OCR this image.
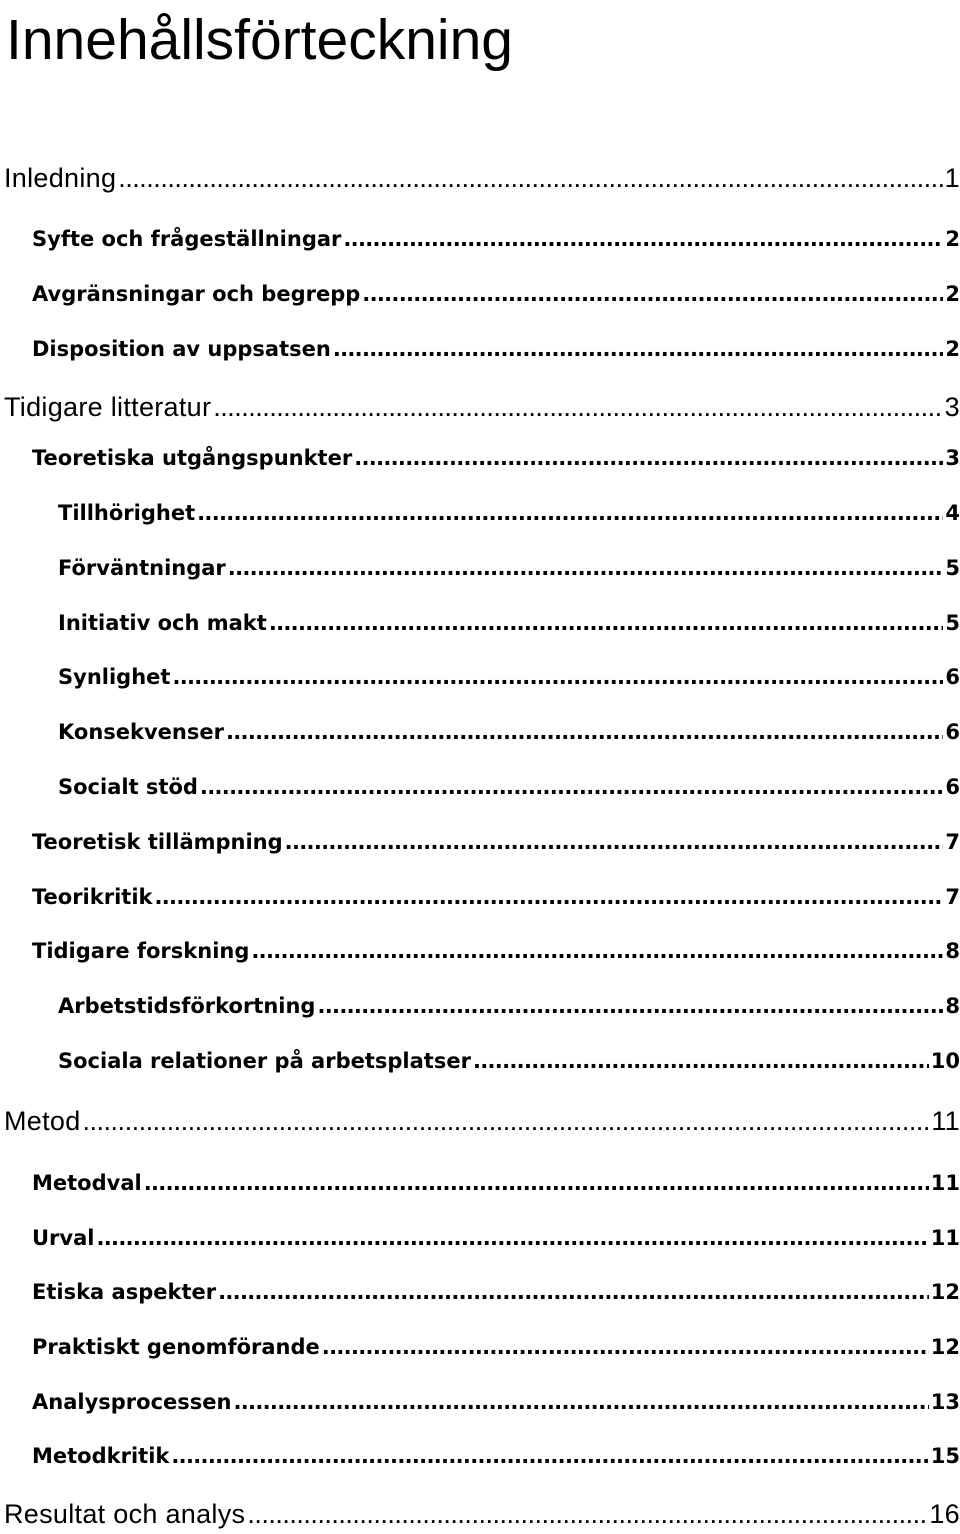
Innehållsförteckning
Inledning . . .	1
Syfte och frågeställningar . . .	2
Avgränsningar och begrepp . . .	2
Disposition av uppsatsen . . .	2
Tidigare litteratur . . .	3
Teoretiska utgångspunkter . . .	3
Tillhörighet . . .	4
Förväntningar . . .	5
Initiativ och makt . . .	5
Synlighet . . .	6
Konsekvenser . . .	6
Socialt stöd . . .	6
Teoretisk tillämpning . . .	7
Teorikritik . . .	7
Tidigare forskning . . .	8
Arbetstidsförkortning . . .	8
Sociala relationer på arbetsplatser . . .	10
Metod . . .	11
Metodval . . .	11
Urval . . .	11
Etiska aspekter . . .	12
Praktiskt genomförande . . .	12
Analysprocessen . . .	13
Metodkritik . . .	15
Resultat och analys . . .	16
